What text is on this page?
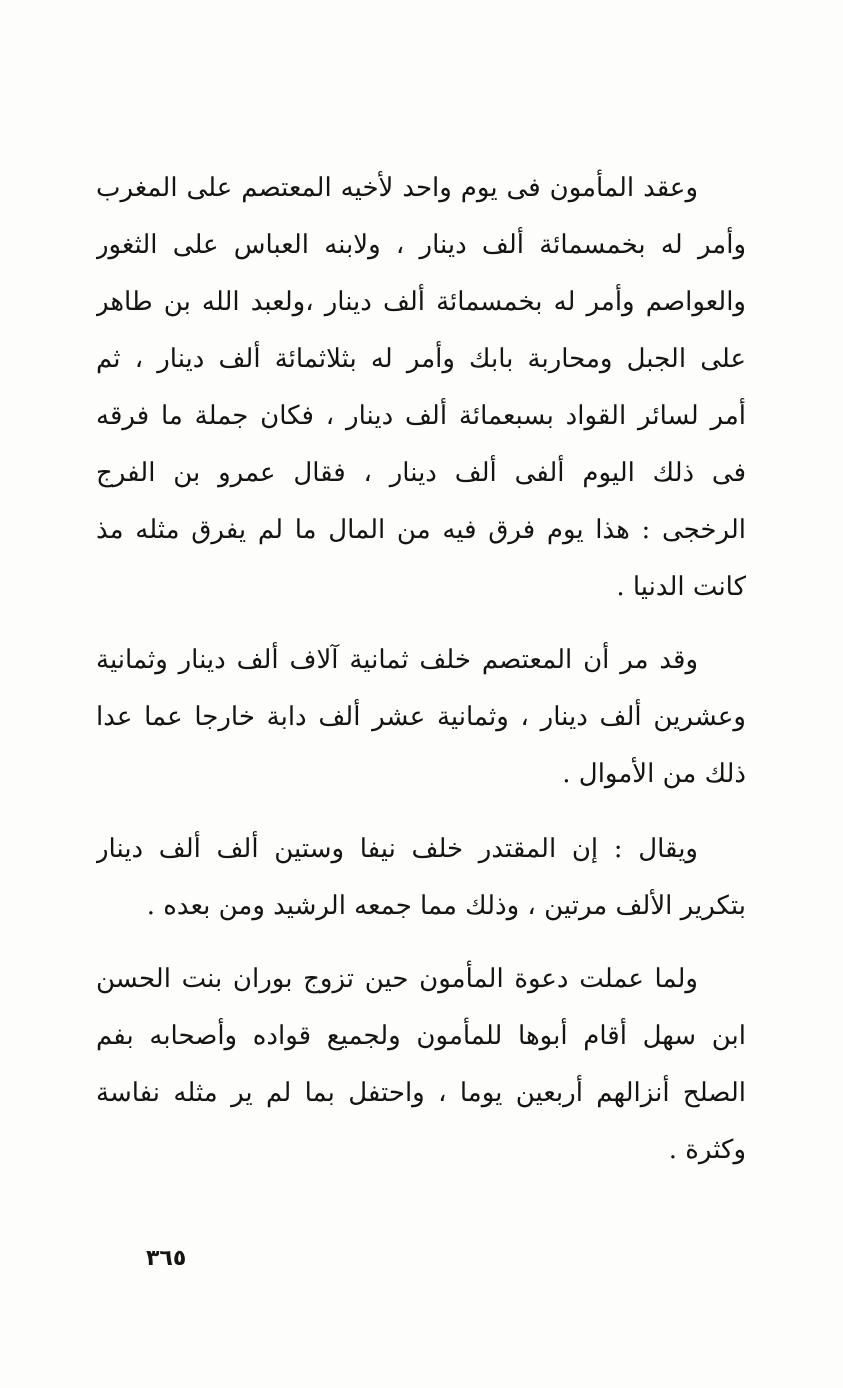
وعقد المأمون فى يوم واحد لأخيه المعتصم على المغرب
وأمر له بخمسمائة ألف دينار ، ولابنه العباس على الثغور
والعواصم وأمر له بخمسمائة ألف دينار ،ولعبد الله بن طاهر
على الجبل ومحاربة بابك وأمر له بثلاثمائة ألف دينار ، ثم
أمر لسائر القواد بسبعمائة ألف دينار ، فكان جملة ما فرقه
فى ذلك اليوم ألفى ألف دينار ، فقال عمرو بن الفرج
الرخجى : هذا يوم فرق فيه من المال ما لم يفرق مثله مذ
كانت الدنيا .

وقد مر أن المعتصم خلف ثمانية آلاف ألف دينار وثمانية
وعشرين ألف دينار ، وثمانية عشر ألف دابة خارجا عما عدا
ذلك من الأموال .

ويقال : إن المقتدر خلف نيفا وستين ألف ألف دينار
بتكرير الألف مرتين ، وذلك مما جمعه الرشيد ومن بعده .

ولما عملت دعوة المأمون حين تزوج بوران بنت الحسن
ابن سهل أقام أبوها للمأمون ولجميع قواده وأصحابه بفم
الصلح أنزالهم أربعين يوما ، واحتفل بما لم ير مثله نفاسة
وكثرة .

٣٦٥
